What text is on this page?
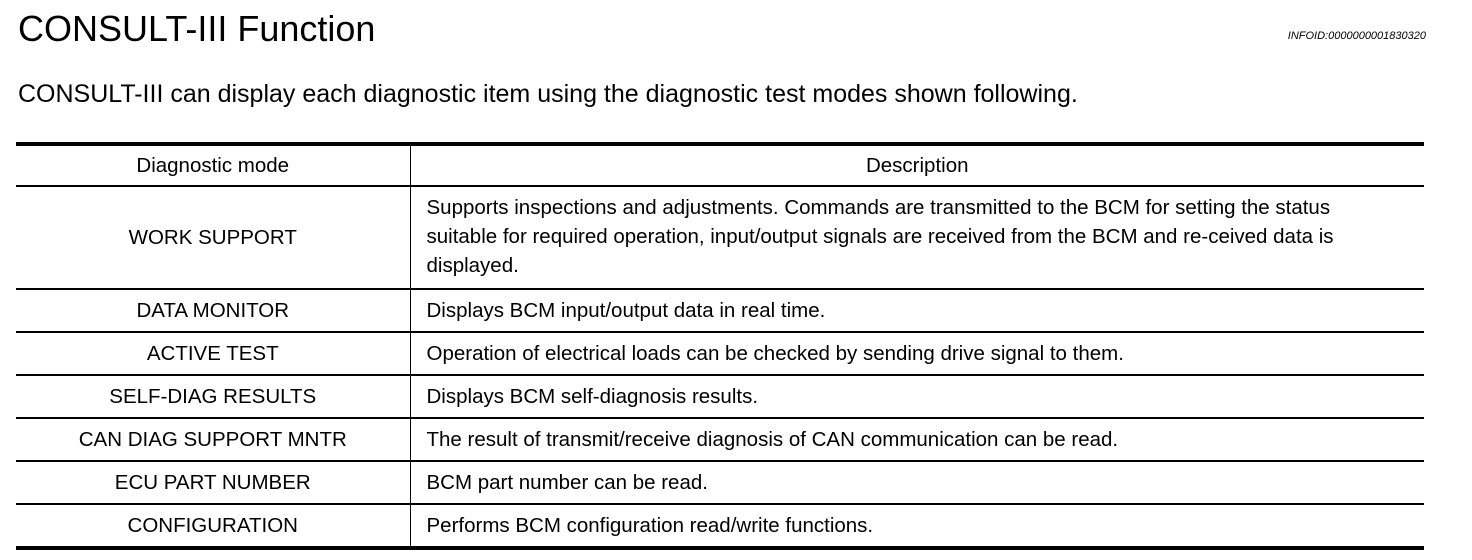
CONSULT-III Function	INFOID:0000000001830320
CONSULT-III can display each diagnostic item using the diagnostic test modes shown following.
Diagnostic mode	Description
WORK SUPPORT	Supports inspections and adjustments. Commands are transmitted to the BCM for setting the status suitable for required operation, input/output signals are received from the BCM and re-ceived data is displayed.
DATA MONITOR	Displays BCM input/output data in real time.
ACTIVE TEST	Operation of electrical loads can be checked by sending drive signal to them.
SELF-DIAG RESULTS	Displays BCM self-diagnosis results.
CAN DIAG SUPPORT MNTR	The result of transmit/receive diagnosis of CAN communication can be read.
ECU PART NUMBER	BCM part number can be read.
CONFIGURATION	Performs BCM configuration read/write functions.
